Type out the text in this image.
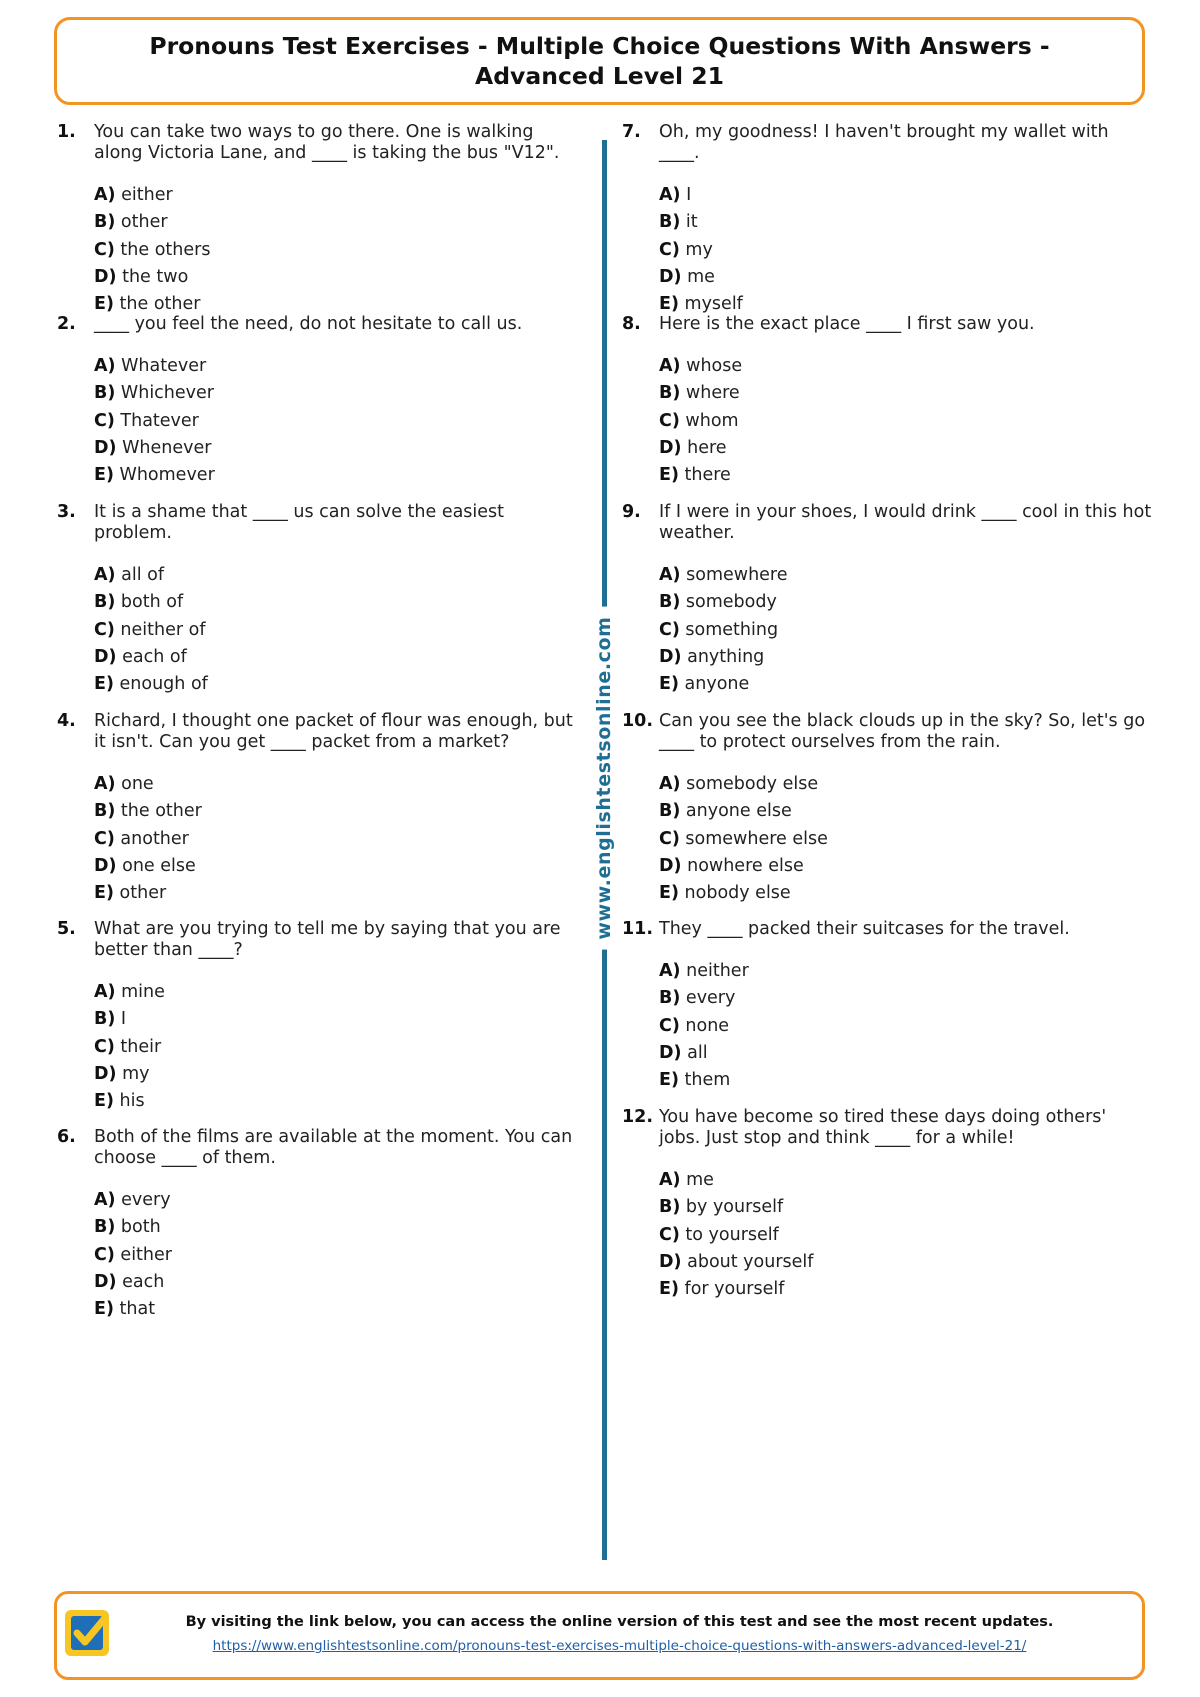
Pronouns Test Exercises - Multiple Choice Questions With Answers - Advanced Level 21
www.englishtestsonline.com
1.	You can take two ways to go there. One is walking along Victoria Lane, and ____ is taking the bus "V12".
A) either
B) other
C) the others
D) the two
E) the other
2.	____ you feel the need, do not hesitate to call us.
A) Whatever
B) Whichever
C) Thatever
D) Whenever
E) Whomever
3.	It is a shame that ____ us can solve the easiest problem.
A) all of
B) both of
C) neither of
D) each of
E) enough of
4.	Richard, I thought one packet of flour was enough, but it isn't. Can you get ____ packet from a market?
A) one
B) the other
C) another
D) one else
E) other
5.	What are you trying to tell me by saying that you are better than ____?
A) mine
B) I
C) their
D) my
E) his
6.	Both of the films are available at the moment. You can choose ____ of them.
A) every
B) both
C) either
D) each
E) that
7.	Oh, my goodness! I haven't brought my wallet with ____.
A) I
B) it
C) my
D) me
E) myself
8.	Here is the exact place ____ I first saw you.
A) whose
B) where
C) whom
D) here
E) there
9.	If I were in your shoes, I would drink ____ cool in this hot weather.
A) somewhere
B) somebody
C) something
D) anything
E) anyone
10. Can you see the black clouds up in the sky? So, let's go ____ to protect ourselves from the rain.
A) somebody else
B) anyone else
C) somewhere else
D) nowhere else
E) nobody else
11. They ____ packed their suitcases for the travel.
A) neither
B) every
C) none
D) all
E) them
12. You have become so tired these days doing others' jobs. Just stop and think ____ for a while!
A) me
B) by yourself
C) to yourself
D) about yourself
E) for yourself
By visiting the link below, you can access the online version of this test and see the most recent updates.
https://www.englishtestsonline.com/pronouns-test-exercises-multiple-choice-questions-with-answers-advanced-level-21/
